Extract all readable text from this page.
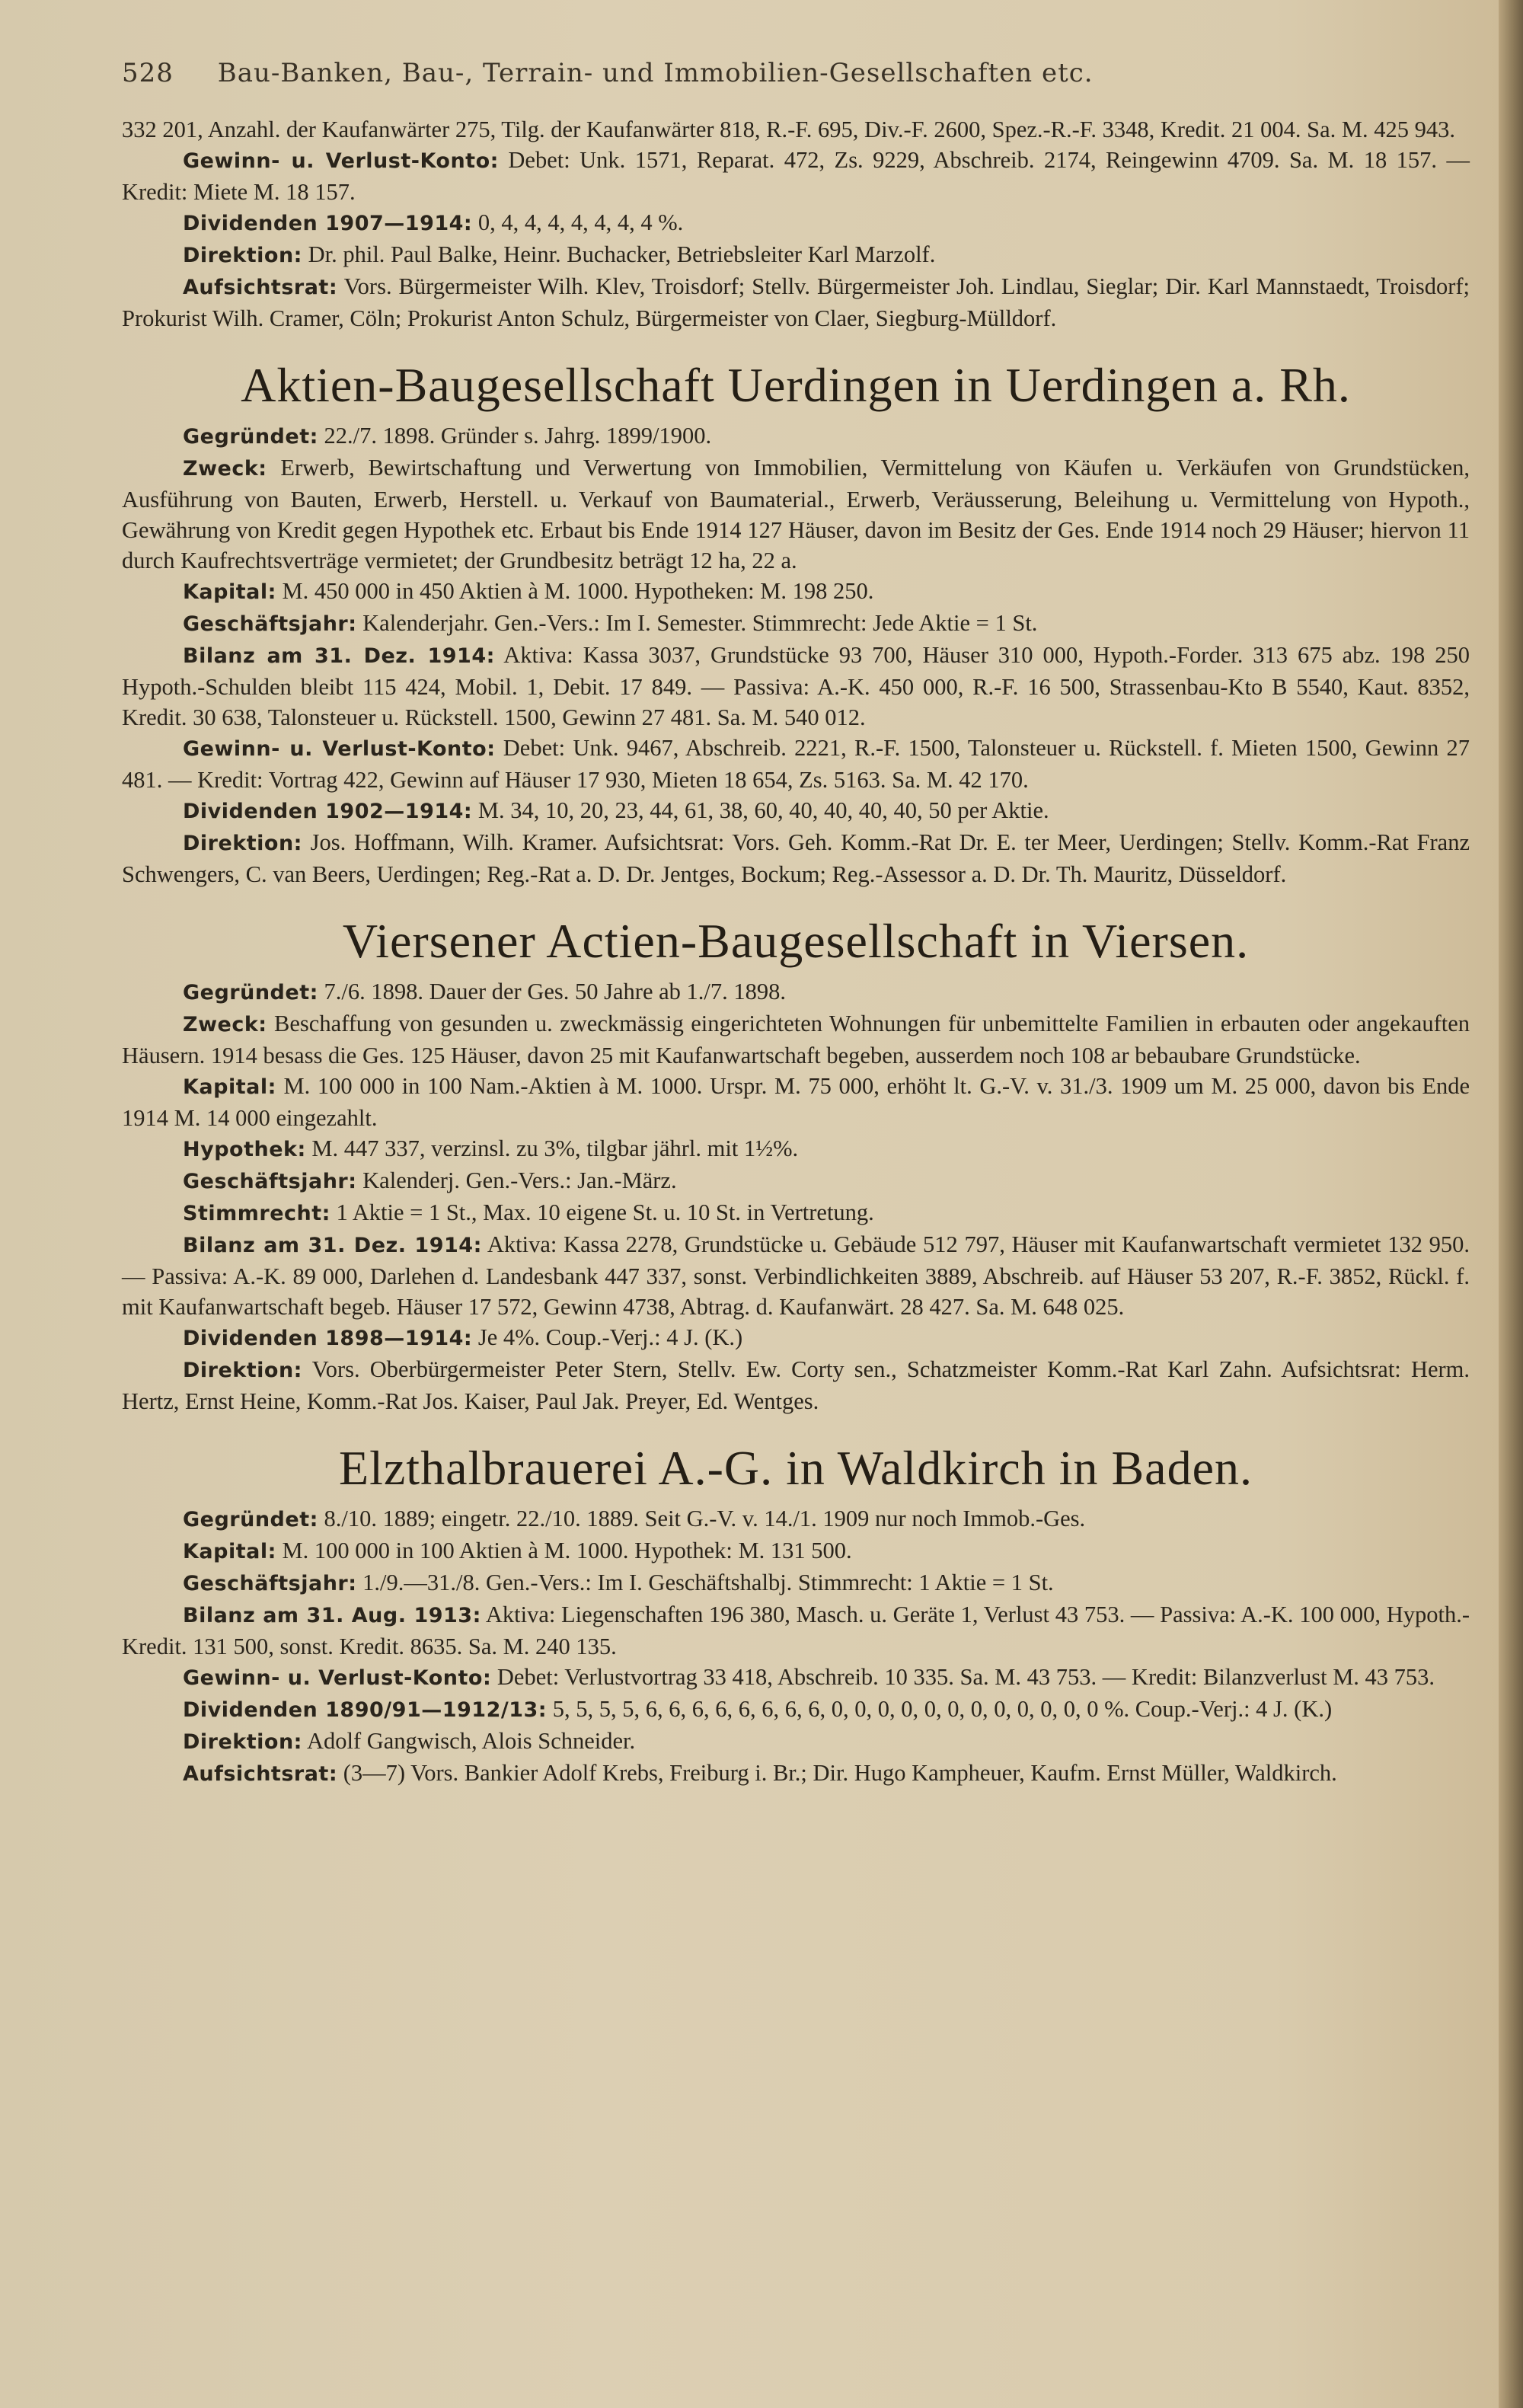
528 Bau-Banken, Bau-, Terrain- und Immobilien-Gesellschaften etc.

332 201, Anzahl. der Kaufanwärter 275, Tilg. der Kaufanwärter 818, R.-F. 695, Div.-F. 2600, Spez.-R.-F. 3348, Kredit. 21 004. Sa. M. 425 943.

Gewinn- u. Verlust-Konto: Debet: Unk. 1571, Reparat. 472, Zs. 9229, Abschreib. 2174, Reingewinn 4709. Sa. M. 18 157. — Kredit: Miete M. 18 157.

Dividenden 1907—1914: 0, 4, 4, 4, 4, 4, 4, 4 %.

Direktion: Dr. phil. Paul Balke, Heinr. Buchacker, Betriebsleiter Karl Marzolf.

Aufsichtsrat: Vors. Bürgermeister Wilh. Klev, Troisdorf; Stellv. Bürgermeister Joh. Lindlau, Sieglar; Dir. Karl Mannstaedt, Troisdorf; Prokurist Wilh. Cramer, Cöln; Prokurist Anton Schulz, Bürgermeister von Claer, Siegburg-Mülldorf.

Aktien-Baugesellschaft Uerdingen in Uerdingen a. Rh.

Gegründet: 22./7. 1898. Gründer s. Jahrg. 1899/1900.

Zweck: Erwerb, Bewirtschaftung und Verwertung von Immobilien, Vermittelung von Käufen u. Verkäufen von Grundstücken, Ausführung von Bauten, Erwerb, Herstell. u. Verkauf von Baumaterial., Erwerb, Veräusserung, Beleihung u. Vermittelung von Hypoth., Gewährung von Kredit gegen Hypothek etc. Erbaut bis Ende 1914 127 Häuser, davon im Besitz der Ges. Ende 1914 noch 29 Häuser; hiervon 11 durch Kaufrechtsverträge vermietet; der Grundbesitz beträgt 12 ha, 22 a.

Kapital: M. 450 000 in 450 Aktien à M. 1000. Hypotheken: M. 198 250.

Geschäftsjahr: Kalenderjahr. Gen.-Vers.: Im I. Semester. Stimmrecht: Jede Aktie = 1 St.

Bilanz am 31. Dez. 1914: Aktiva: Kassa 3037, Grundstücke 93 700, Häuser 310 000, Hypoth.-Forder. 313 675 abz. 198 250 Hypoth.-Schulden bleibt 115 424, Mobil. 1, Debit. 17 849. — Passiva: A.-K. 450 000, R.-F. 16 500, Strassenbau-Kto B 5540, Kaut. 8352, Kredit. 30 638, Talonsteuer u. Rückstell. 1500, Gewinn 27 481. Sa. M. 540 012.

Gewinn- u. Verlust-Konto: Debet: Unk. 9467, Abschreib. 2221, R.-F. 1500, Talonsteuer u. Rückstell. f. Mieten 1500, Gewinn 27 481. — Kredit: Vortrag 422, Gewinn auf Häuser 17 930, Mieten 18 654, Zs. 5163. Sa. M. 42 170.

Dividenden 1902—1914: M. 34, 10, 20, 23, 44, 61, 38, 60, 40, 40, 40, 40, 50 per Aktie.

Direktion: Jos. Hoffmann, Wilh. Kramer. Aufsichtsrat: Vors. Geh. Komm.-Rat Dr. E. ter Meer, Uerdingen; Stellv. Komm.-Rat Franz Schwengers, C. van Beers, Uerdingen; Reg.-Rat a. D. Dr. Jentges, Bockum; Reg.-Assessor a. D. Dr. Th. Mauritz, Düsseldorf.

Viersener Actien-Baugesellschaft in Viersen.

Gegründet: 7./6. 1898. Dauer der Ges. 50 Jahre ab 1./7. 1898.

Zweck: Beschaffung von gesunden u. zweckmässig eingerichteten Wohnungen für unbemittelte Familien in erbauten oder angekauften Häusern. 1914 besass die Ges. 125 Häuser, davon 25 mit Kaufanwartschaft begeben, ausserdem noch 108 ar bebaubare Grundstücke.

Kapital: M. 100 000 in 100 Nam.-Aktien à M. 1000. Urspr. M. 75 000, erhöht lt. G.-V. v. 31./3. 1909 um M. 25 000, davon bis Ende 1914 M. 14 000 eingezahlt.

Hypothek: M. 447 337, verzinsl. zu 3%, tilgbar jährl. mit 1½%.

Geschäftsjahr: Kalenderj. Gen.-Vers.: Jan.-März.

Stimmrecht: 1 Aktie = 1 St., Max. 10 eigene St. u. 10 St. in Vertretung.

Bilanz am 31. Dez. 1914: Aktiva: Kassa 2278, Grundstücke u. Gebäude 512 797, Häuser mit Kaufanwartschaft vermietet 132 950. — Passiva: A.-K. 89 000, Darlehen d. Landesbank 447 337, sonst. Verbindlichkeiten 3889, Abschreib. auf Häuser 53 207, R.-F. 3852, Rückl. f. mit Kaufanwartschaft begeb. Häuser 17 572, Gewinn 4738, Abtrag. d. Kaufanwärt. 28 427. Sa. M. 648 025.

Dividenden 1898—1914: Je 4%. Coup.-Verj.: 4 J. (K.)

Direktion: Vors. Oberbürgermeister Peter Stern, Stellv. Ew. Corty sen., Schatzmeister Komm.-Rat Karl Zahn. Aufsichtsrat: Herm. Hertz, Ernst Heine, Komm.-Rat Jos. Kaiser, Paul Jak. Preyer, Ed. Wentges.

Elzthalbrauerei A.-G. in Waldkirch in Baden.

Gegründet: 8./10. 1889; eingetr. 22./10. 1889. Seit G.-V. v. 14./1. 1909 nur noch Immob.-Ges.

Kapital: M. 100 000 in 100 Aktien à M. 1000. Hypothek: M. 131 500.

Geschäftsjahr: 1./9.—31./8. Gen.-Vers.: Im I. Geschäftshalbj. Stimmrecht: 1 Aktie = 1 St.

Bilanz am 31. Aug. 1913: Aktiva: Liegenschaften 196 380, Masch. u. Geräte 1, Verlust 43 753. — Passiva: A.-K. 100 000, Hypoth.-Kredit. 131 500, sonst. Kredit. 8635. Sa. M. 240 135.

Gewinn- u. Verlust-Konto: Debet: Verlustvortrag 33 418, Abschreib. 10 335. Sa. M. 43 753. — Kredit: Bilanzverlust M. 43 753.

Dividenden 1890/91—1912/13: 5, 5, 5, 5, 6, 6, 6, 6, 6, 6, 6, 6, 0, 0, 0, 0, 0, 0, 0, 0, 0, 0, 0, 0 %. Coup.-Verj.: 4 J. (K.)

Direktion: Adolf Gangwisch, Alois Schneider.

Aufsichtsrat: (3—7) Vors. Bankier Adolf Krebs, Freiburg i. Br.; Dir. Hugo Kampheuer, Kaufm. Ernst Müller, Waldkirch.
